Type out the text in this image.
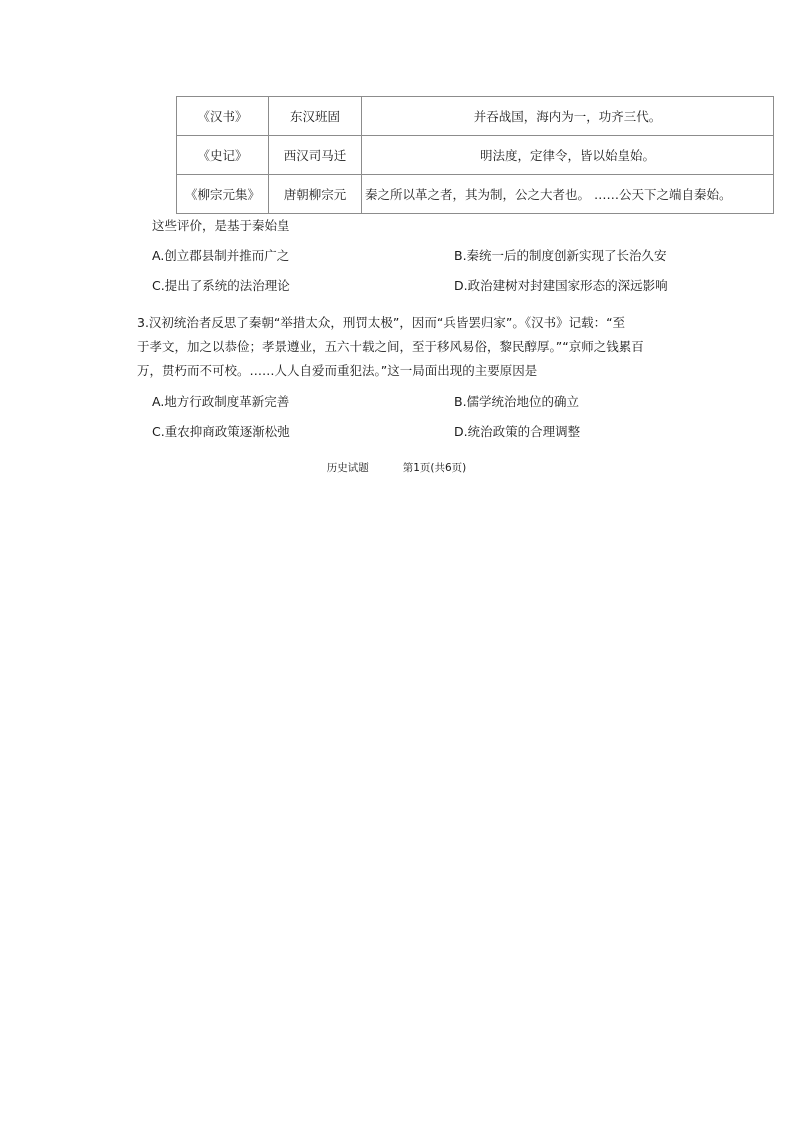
《汉书》	东汉班固	并吞战国，海内为一，功齐三代。
《史记》	西汉司马迁	明法度，定律令，皆以始皇始。
《柳宗元集》	唐朝柳宗元	秦之所以革之者，其为制，公之大者也。 ……公天下之端自秦始。
这些评价，是基于秦始皇
A.创立郡县制并推而广之	B.秦统一后的制度创新实现了长治久安
C.提出了系统的法治理论	D.政治建树对封建国家形态的深远影响
3.汉初统治者反思了秦朝“举措太众，刑罚太极”，因而“兵皆罢归家”。《汉书》记载：“至
于孝文，加之以恭俭；孝景遵业，五六十载之间，至于移风易俗，黎民醇厚。”“京师之钱累百
万，贯朽而不可校。……人人自爱而重犯法。”这一局面出现的主要原因是
A.地方行政制度革新完善	B.儒学统治地位的确立
C.重农抑商政策逐渐松弛	D.统治政策的合理调整
历史试题	第1页(共6页)
